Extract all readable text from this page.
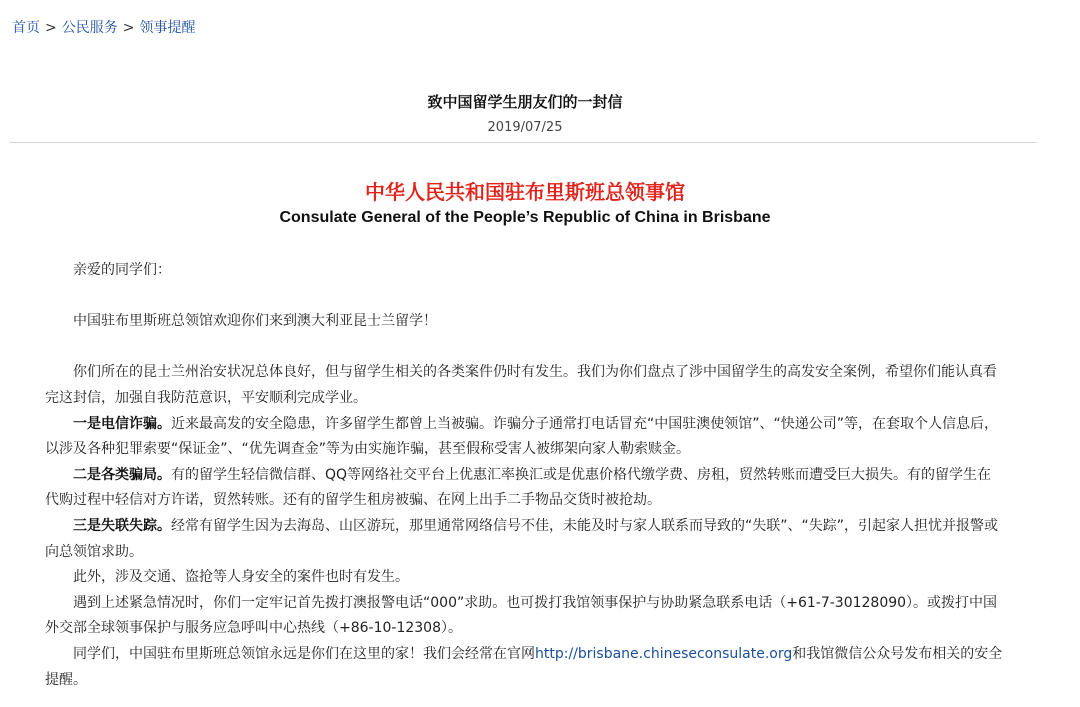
首页 > 公民服务 > 领事提醒
致中国留学生朋友们的一封信
2019/07/25
中华人民共和国驻布里斯班总领事馆
Consulate General of the People’s Republic of China in Brisbane

亲爱的同学们：

中国驻布里斯班总领馆欢迎你们来到澳大利亚昆士兰留学！

你们所在的昆士兰州治安状况总体良好，但与留学生相关的各类案件仍时有发生。我们为你们盘点了涉中国留学生的高发安全案例，希望你们能认真看完这封信，加强自我防范意识，平安顺利完成学业。

一是电信诈骗。近来最高发的安全隐患，许多留学生都曾上当被骗。诈骗分子通常打电话冒充“中国驻澳使领馆”、“快递公司”等，在套取个人信息后，以涉及各种犯罪索要“保证金”、“优先调查金”等为由实施诈骗，甚至假称受害人被绑架向家人勒索赎金。

二是各类骗局。有的留学生轻信微信群、QQ等网络社交平台上优惠汇率换汇或是优惠价格代缴学费、房租，贸然转账而遭受巨大损失。有的留学生在代购过程中轻信对方许诺，贸然转账。还有的留学生租房被骗、在网上出手二手物品交货时被抢劫。

三是失联失踪。经常有留学生因为去海岛、山区游玩，那里通常网络信号不佳，未能及时与家人联系而导致的“失联”、“失踪”，引起家人担忧并报警或向总领馆求助。

此外，涉及交通、盗抢等人身安全的案件也时有发生。

遇到上述紧急情况时，你们一定牢记首先拨打澳报警电话“000”求助。也可拨打我馆领事保护与协助紧急联系电话（+61-7-30128090）。或拨打中国外交部全球领事保护与服务应急呼叫中心热线（+86-10-12308）。

同学们，中国驻布里斯班总领馆永远是你们在这里的家！我们会经常在官网http://brisbane.chineseconsulate.org和我馆微信公众号发布相关的安全提醒。
